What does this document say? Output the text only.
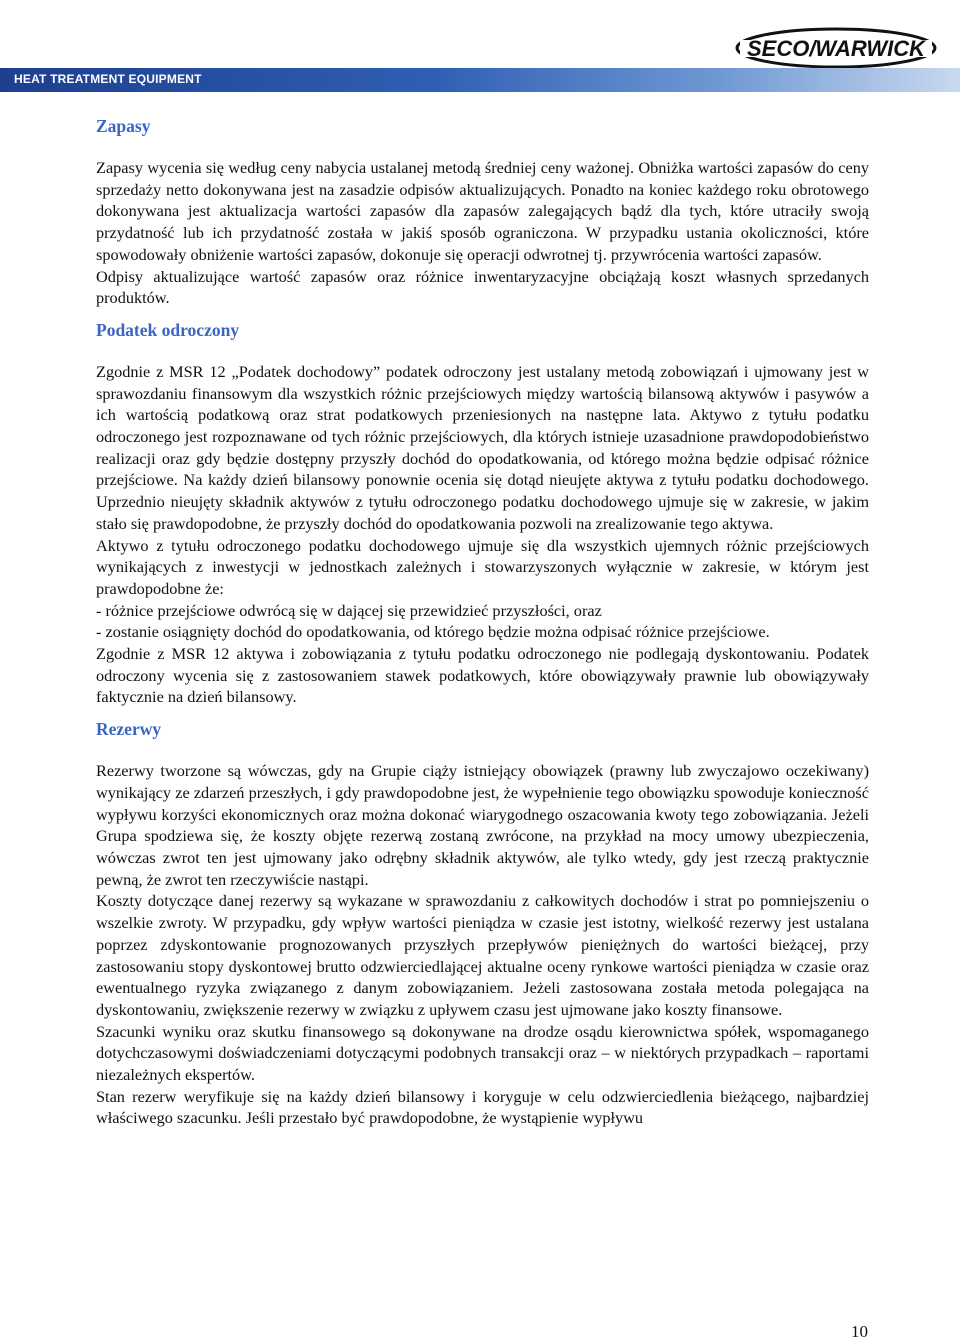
SECO/WARWICK
HEAT TREATMENT EQUIPMENT
Zapasy

Zapasy wycenia się według ceny nabycia ustalanej metodą średniej ceny ważonej. Obniżka wartości zapasów do ceny sprzedaży netto dokonywana jest na zasadzie odpisów aktualizujących. Ponadto na koniec każdego roku obrotowego dokonywana jest aktualizacja wartości zapasów dla zapasów zalegających bądź dla tych, które utraciły swoją przydatność lub ich przydatność została w jakiś sposób ograniczona. W przypadku ustania okoliczności, które spowodowały obniżenie wartości zapasów, dokonuje się operacji odwrotnej tj. przywrócenia wartości zapasów.

Odpisy aktualizujące wartość zapasów oraz różnice inwentaryzacyjne obciążają koszt własnych sprzedanych produktów.

Podatek odroczony

Zgodnie z MSR 12 „Podatek dochodowy” podatek odroczony jest ustalany metodą zobowiązań i ujmowany jest w sprawozdaniu finansowym dla wszystkich różnic przejściowych między wartością bilansową aktywów i pasywów a ich wartością podatkową oraz strat podatkowych przeniesionych na następne lata. Aktywo z tytułu podatku odroczonego jest rozpoznawane od tych różnic przejściowych, dla których istnieje uzasadnione prawdopodobieństwo realizacji oraz gdy będzie dostępny przyszły dochód do opodatkowania, od którego można będzie odpisać różnice przejściowe. Na każdy dzień bilansowy ponownie ocenia się dotąd nieujęte aktywa z tytułu podatku dochodowego. Uprzednio nieujęty składnik aktywów z tytułu odroczonego podatku dochodowego ujmuje się w zakresie, w jakim stało się prawdopodobne, że przyszły dochód do opodatkowania pozwoli na zrealizowanie tego aktywa.

Aktywo z tytułu odroczonego podatku dochodowego ujmuje się dla wszystkich ujemnych różnic przejściowych wynikających z inwestycji w jednostkach zależnych i stowarzyszonych wyłącznie w zakresie, w którym jest prawdopodobne że:

- różnice przejściowe odwrócą się w dającej się przewidzieć przyszłości, oraz

- zostanie osiągnięty dochód do opodatkowania, od którego będzie można odpisać różnice przejściowe.

Zgodnie z MSR 12 aktywa i zobowiązania z tytułu podatku odroczonego nie podlegają dyskontowaniu. Podatek odroczony wycenia się z zastosowaniem stawek podatkowych, które obowiązywały prawnie lub obowiązywały faktycznie na dzień bilansowy.

Rezerwy

Rezerwy tworzone są wówczas, gdy na Grupie ciąży istniejący obowiązek (prawny lub zwyczajowo oczekiwany) wynikający ze zdarzeń przeszłych, i gdy prawdopodobne jest, że wypełnienie tego obowiązku spowoduje konieczność wypływu korzyści ekonomicznych oraz można dokonać wiarygodnego oszacowania kwoty tego zobowiązania. Jeżeli Grupa spodziewa się, że koszty objęte rezerwą zostaną zwrócone, na przykład na mocy umowy ubezpieczenia, wówczas zwrot ten jest ujmowany jako odrębny składnik aktywów, ale tylko wtedy, gdy jest rzeczą praktycznie pewną, że zwrot ten rzeczywiście nastąpi.

Koszty dotyczące danej rezerwy są wykazane w sprawozdaniu z całkowitych dochodów i strat po pomniejszeniu o wszelkie zwroty. W przypadku, gdy wpływ wartości pieniądza w czasie jest istotny, wielkość rezerwy jest ustalana poprzez zdyskontowanie prognozowanych przyszłych przepływów pieniężnych do wartości bieżącej, przy zastosowaniu stopy dyskontowej brutto odzwierciedlającej aktualne oceny rynkowe wartości pieniądza w czasie oraz ewentualnego ryzyka związanego z danym zobowiązaniem. Jeżeli zastosowana została metoda polegająca na dyskontowaniu, zwiększenie rezerwy w związku z upływem czasu jest ujmowane jako koszty finansowe.

Szacunki wyniku oraz skutku finansowego są dokonywane na drodze osądu kierownictwa spółek, wspomaganego dotychczasowymi doświadczeniami dotyczącymi podobnych transakcji oraz – w niektórych przypadkach – raportami niezależnych ekspertów.

Stan rezerw weryfikuje się na każdy dzień bilansowy i koryguje w celu odzwierciedlenia bieżącego, najbardziej właściwego szacunku. Jeśli przestało być prawdopodobne, że wystąpienie wypływu

10
